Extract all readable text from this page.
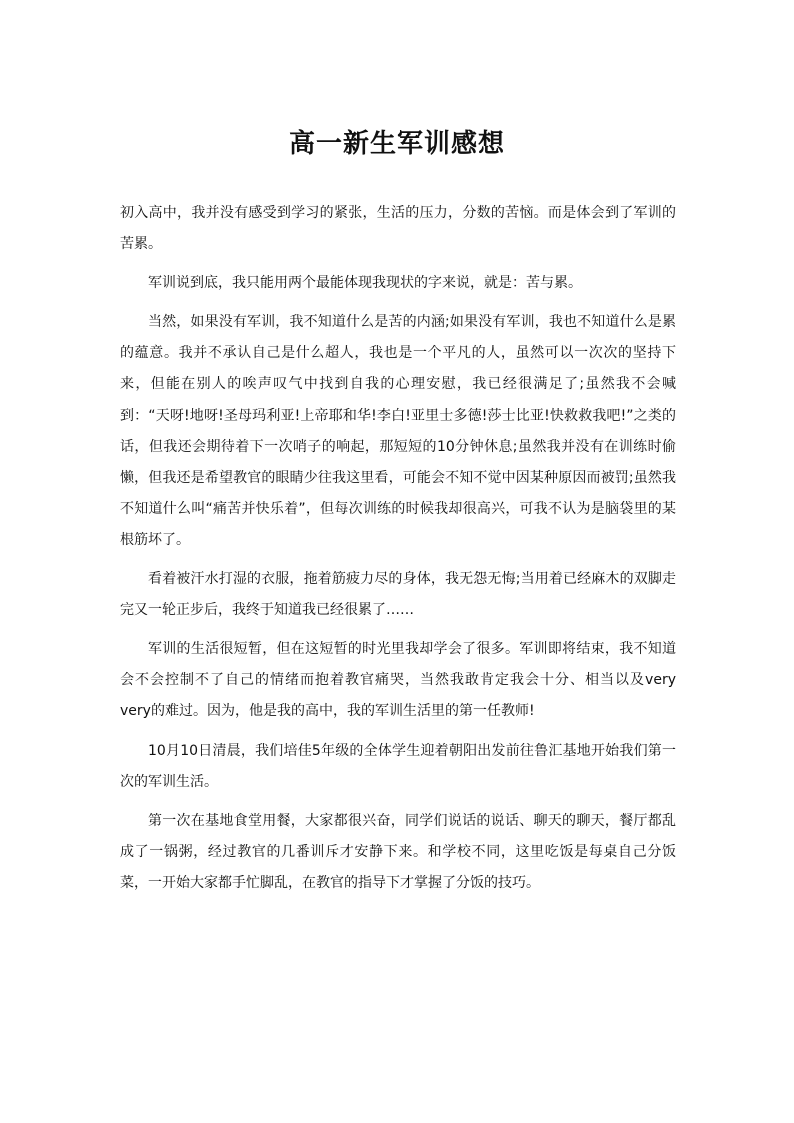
高一新生军训感想

初入高中，我并没有感受到学习的紧张，生活的压力，分数的苦恼。而是体会到了军训的苦累。

军训说到底，我只能用两个最能体现我现状的字来说，就是：苦与累。

当然，如果没有军训，我不知道什么是苦的内涵;如果没有军训，我也不知道什么是累的蕴意。我并不承认自己是什么超人，我也是一个平凡的人，虽然可以一次次的坚持下来，但能在别人的唉声叹气中找到自我的心理安慰，我已经很满足了;虽然我不会喊到：“天呀!地呀!圣母玛利亚!上帝耶和华!李白!亚里士多德!莎士比亚!快救救我吧!”之类的话，但我还会期待着下一次哨子的响起，那短短的10分钟休息;虽然我并没有在训练时偷懒，但我还是希望教官的眼睛少往我这里看，可能会不知不觉中因某种原因而被罚;虽然我不知道什么叫“痛苦并快乐着”，但每次训练的时候我却很高兴，可我不认为是脑袋里的某根筋坏了。

看着被汗水打湿的衣服，拖着筋疲力尽的身体，我无怨无悔;当用着已经麻木的双脚走完又一轮正步后，我终于知道我已经很累了……

军训的生活很短暂，但在这短暂的时光里我却学会了很多。军训即将结束，我不知道会不会控制不了自己的情绪而抱着教官痛哭，当然我敢肯定我会十分、相当以及very very的难过。因为，他是我的高中，我的军训生活里的第一任教师!

10月10日清晨，我们培佳5年级的全体学生迎着朝阳出发前往鲁汇基地开始我们第一次的军训生活。

第一次在基地食堂用餐，大家都很兴奋，同学们说话的说话、聊天的聊天，餐厅都乱成了一锅粥，经过教官的几番训斥才安静下来。和学校不同，这里吃饭是每桌自己分饭菜，一开始大家都手忙脚乱，在教官的指导下才掌握了分饭的技巧。
